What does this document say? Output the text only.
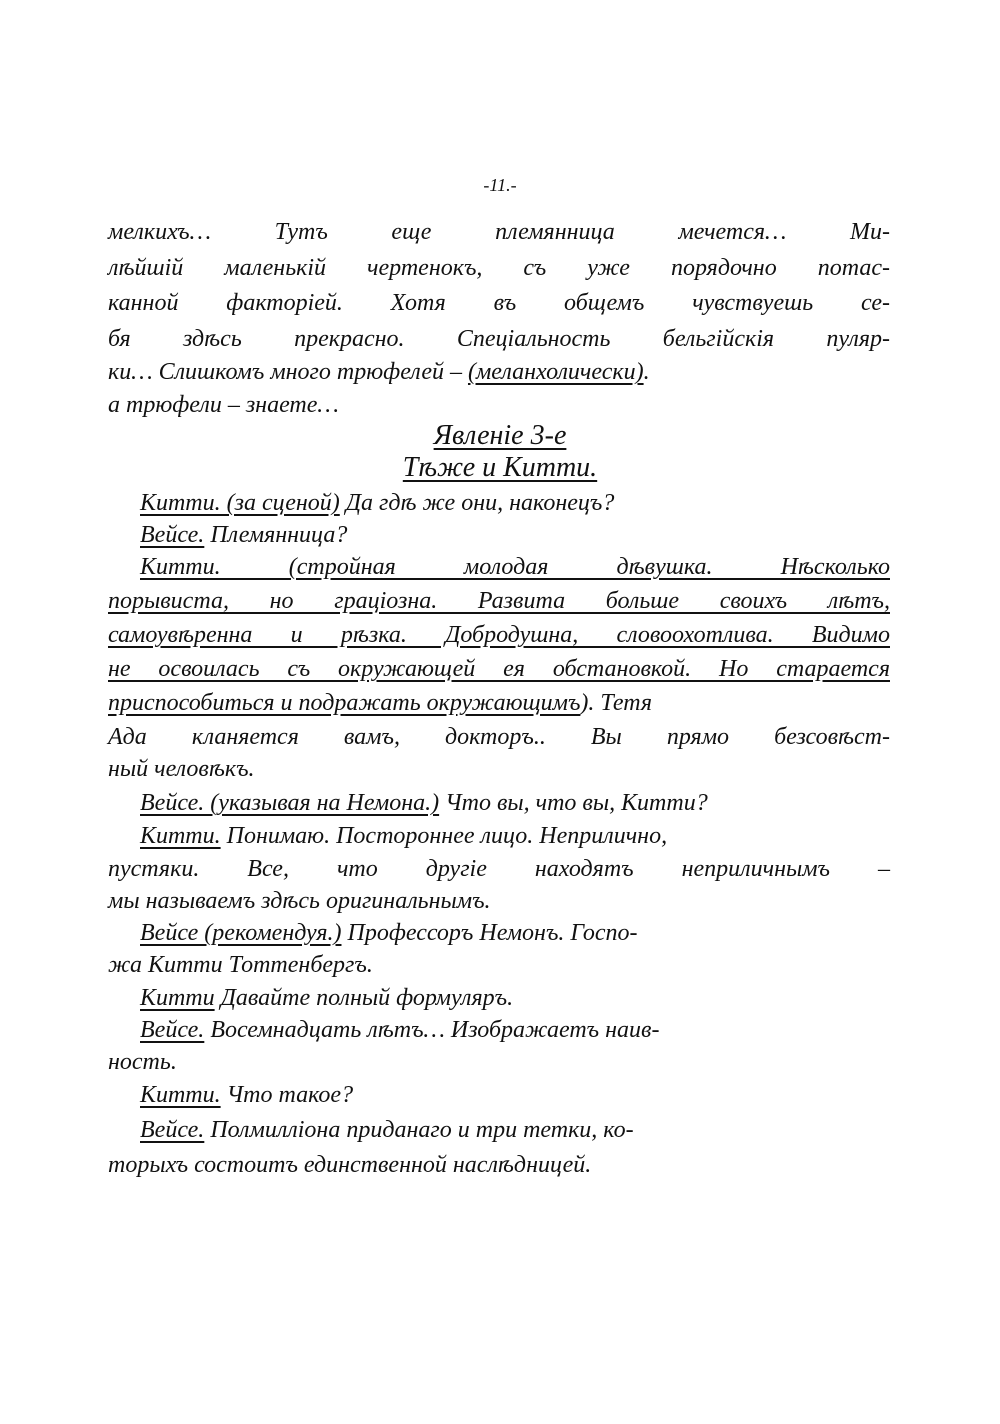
-11.-
мелкихъ… Тутъ еще племянница мечется… Ми-
лѣйшій маленькій чертенокъ, съ уже порядочно потас-
канной факторіей. Хотя въ общемъ чувствуешь се-
бя здѣсь прекрасно. Спеціальность бельгійскія пуляр-
ки… Слишкомъ много трюфелей – (меланхолически).
а трюфели – знаете…
Явленіе 3-е
Тѣже и Китти.
Китти. (за сценой) Да гдѣ же они, наконецъ?
Вейсе. Племянница?
Китти. (стройная молодая дѣвушка. Нѣсколько
порывиста, но граціозна. Развита больше своихъ лѣтъ,
самоувѣренна и рѣзка. Добродушна, словоохотлива. Видимо
не освоилась съ окружающей ея обстановкой. Но старается
приспособиться и подражать окружающимъ). Тетя
Ада кланяется вамъ, докторъ.. Вы прямо безсовѣст-
ный человѣкъ.
Вейсе. (указывая на Немона.) Что вы, что вы, Китти?
Китти. Понимаю. Постороннее лицо. Неприлично,
пустяки. Все, что другіе находятъ неприличнымъ –
мы называемъ здѣсь оригинальнымъ.
Вейсе (рекомендуя.) Профессоръ Немонъ. Госпо-
жа Китти Тоттенбергъ.
Китти Давайте полный формуляръ.
Вейсе. Восемнадцать лѣтъ… Изображаетъ наив-
ность.
Китти. Что такое?
Вейсе. Полмилліона приданаго и три тетки, ко-
торыхъ состоитъ единственной наслѣдницей.
